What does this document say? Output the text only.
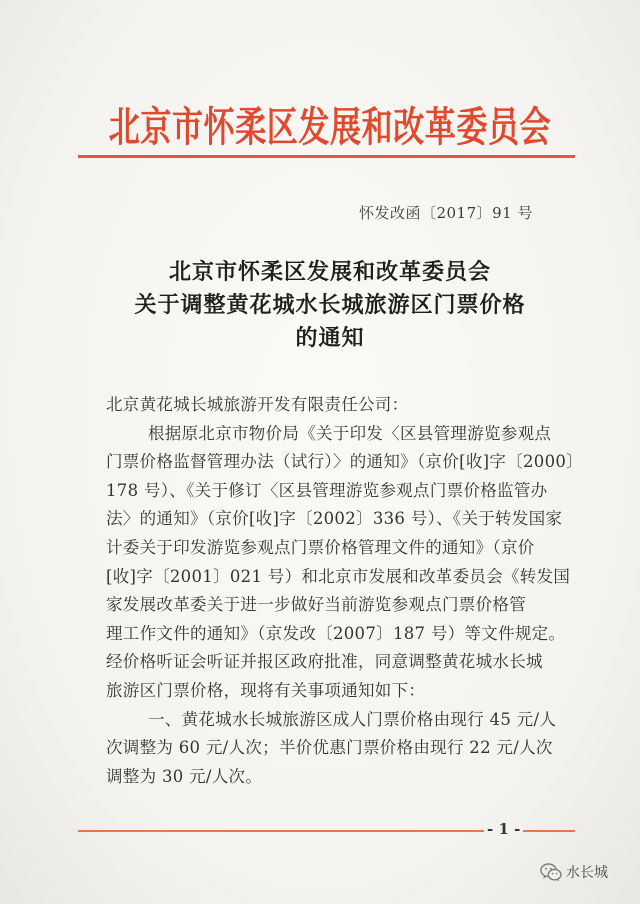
北京市怀柔区发展和改革委员会
怀发改函〔2017〕91 号
北京市怀柔区发展和改革委员会
关于调整黄花城水长城旅游区门票价格
的通知
北京黄花城长城旅游开发有限责任公司：
根据原北京市物价局《关于印发〈区县管理游览参观点
门票价格监督管理办法（试行）〉的通知》（京价[收]字〔2000〕
178 号）、《关于修订〈区县管理游览参观点门票价格监管办
法〉的通知》（京价[收]字〔2002〕336 号）、《关于转发国家
计委关于印发游览参观点门票价格管理文件的通知》（京价
[收]字〔2001〕021 号）和北京市发展和改革委员会《转发国
家发展改革委关于进一步做好当前游览参观点门票价格管
理工作文件的通知》（京发改〔2007〕187 号）等文件规定。
经价格听证会听证并报区政府批准，同意调整黄花城水长城
旅游区门票价格，现将有关事项通知如下：
一、黄花城水长城旅游区成人门票价格由现行 45 元/人
次调整为 60 元/人次；半价优惠门票价格由现行 22 元/人次
调整为 30 元/人次。
- 1 -
水长城
